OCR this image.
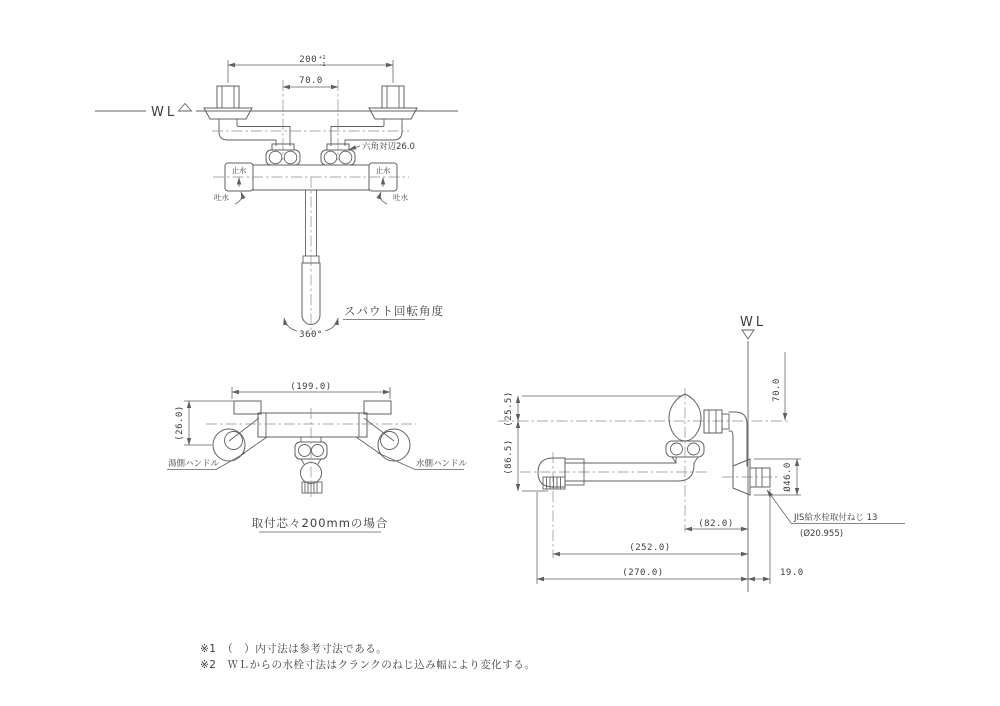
WL
六角対辺26.0
止水	止水
吐水	吐水
360°
スパウト回転角度
200 +1
-1
70.0
(199.0)
(26.0)
湯側ハンドル	水側ハンドル
取付芯々200mmの場合
WL
70.0
(25.5)
(86.5)
Ø46.0
JIS給水栓取付ねじ 13
(Ø20.955)
(82.0)
(252.0)
(270.0)	19.0
※1　（　）内寸法は参考寸法である。
※2　ＷＬからの水栓寸法はクランクのねじ込み幅により変化する。
